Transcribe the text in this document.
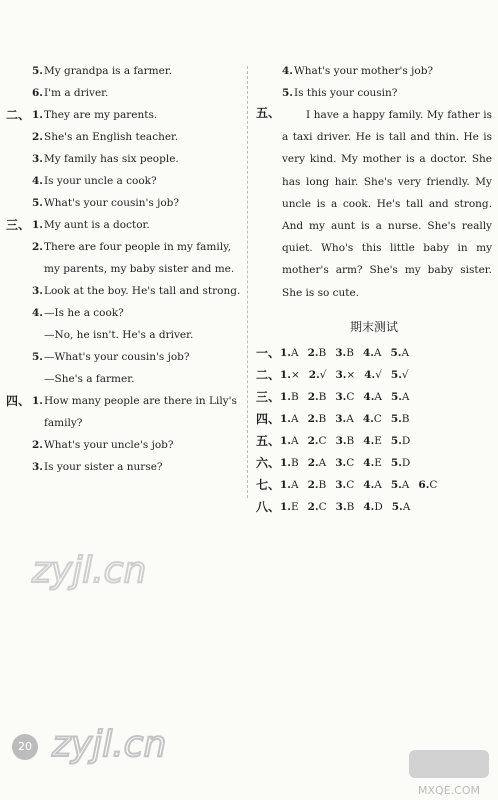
5. My grandpa is a farmer.
6. I'm a driver.
二、 1. They are my parents.
2. She's an English teacher.
3. My family has six people.
4. Is your uncle a cook?
5. What's your cousin's job?
三、 1. My aunt is a doctor.
2. There are four people in my family,
my parents, my baby sister and me.
3. Look at the boy. He's tall and strong.
4. —Is he a cook?
—No, he isn't. He's a driver.
5. —What's your cousin's job?
—She's a farmer.
四、 1. How many people are there in Lily's
family?
2. What's your uncle's job?
3. Is your sister a nurse?
4. What's your mother's job?
5. Is this your cousin?
五、	I have a happy family. My father is a taxi driver. He is tall and thin. He is very kind. My mother is a doctor. She has long hair. She's very friendly. My uncle is a cook. He's tall and strong. And my aunt is a nurse. She's really quiet. Who's this little baby in my mother's arm? She's my baby sister. She is so cute.
期末测试
一、 1.A 2.B 3.B 4.A 5.A
二、 1.× 2.√ 3.× 4.√ 5.√
三、 1.B 2.B 3.C 4.A 5.A
四、 1.A 2.B 3.A 4.C 5.B
五、 1.A 2.C 3.B 4.E 5.D
六、 1.B 2.A 3.C 4.E 5.D
七、 1.A 2.B 3.C 4.A 5.A 6.C
八、 1.E 2.C 3.B 4.D 5.A
zyjl.cn
zyjl.cn
MXQE.COM
20
